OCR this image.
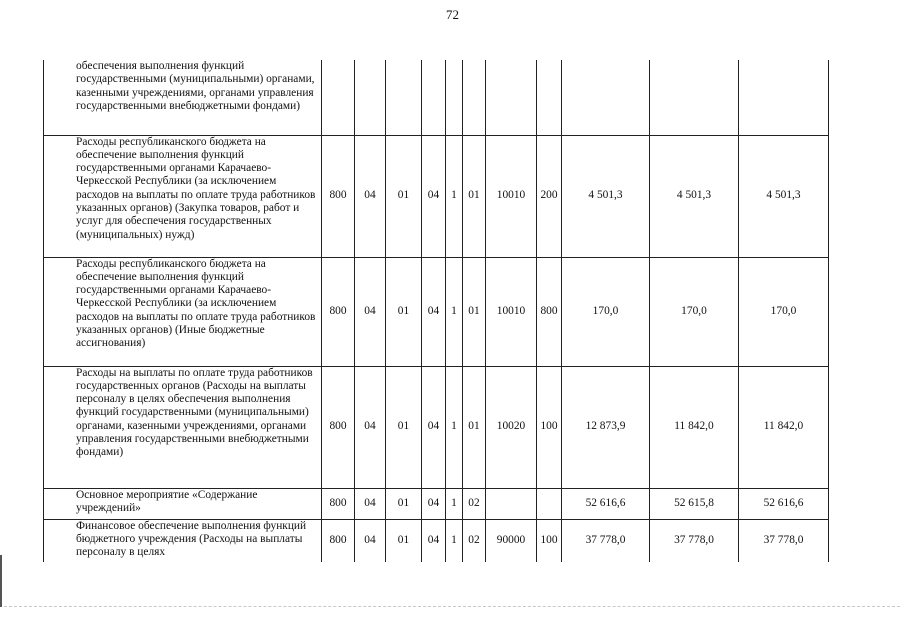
72
обеспечения выполнения функций государственными (муниципальными) органами, казенными учреждениями, органами управления государственными внебюджетными фондами)											

Расходы республиканского бюджета на обеспечение выполнения функций государственными органами Карачаево-Черкесской Республики (за исключением расходов на выплаты по оплате труда работников указанных органов) (Закупка товаров, работ и услуг для обеспечения государственных (муниципальных) нужд)	800	04	01	04	1	01	10010	200	4 501,3	4 501,3	4 501,3

Расходы республиканского бюджета на обеспечение выполнения функций государственными органами Карачаево-Черкесской Республики (за исключением расходов на выплаты по оплате труда работников указанных органов) (Иные бюджетные ассигнования)	800	04	01	04	1	01	10010	800	170,0	170,0	170,0

Расходы на выплаты по оплате труда работников государственных органов (Расходы на выплаты персоналу в целях обеспечения выполнения функций государственными (муниципальными) органами, казенными учреждениями, органами управления государственными внебюджетными фондами)	800	04	01	04	1	01	10020	100	12 873,9	11 842,0	11 842,0

Основное мероприятие «Содержание учреждений»	800	04	01	04	1	02			52 616,6	52 615,8	52 616,6

Финансовое обеспечение выполнения функций бюджетного учреждения (Расходы на выплаты персоналу в целях	800	04	01	04	1	02	90000	100	37 778,0	37 778,0	37 778,0
